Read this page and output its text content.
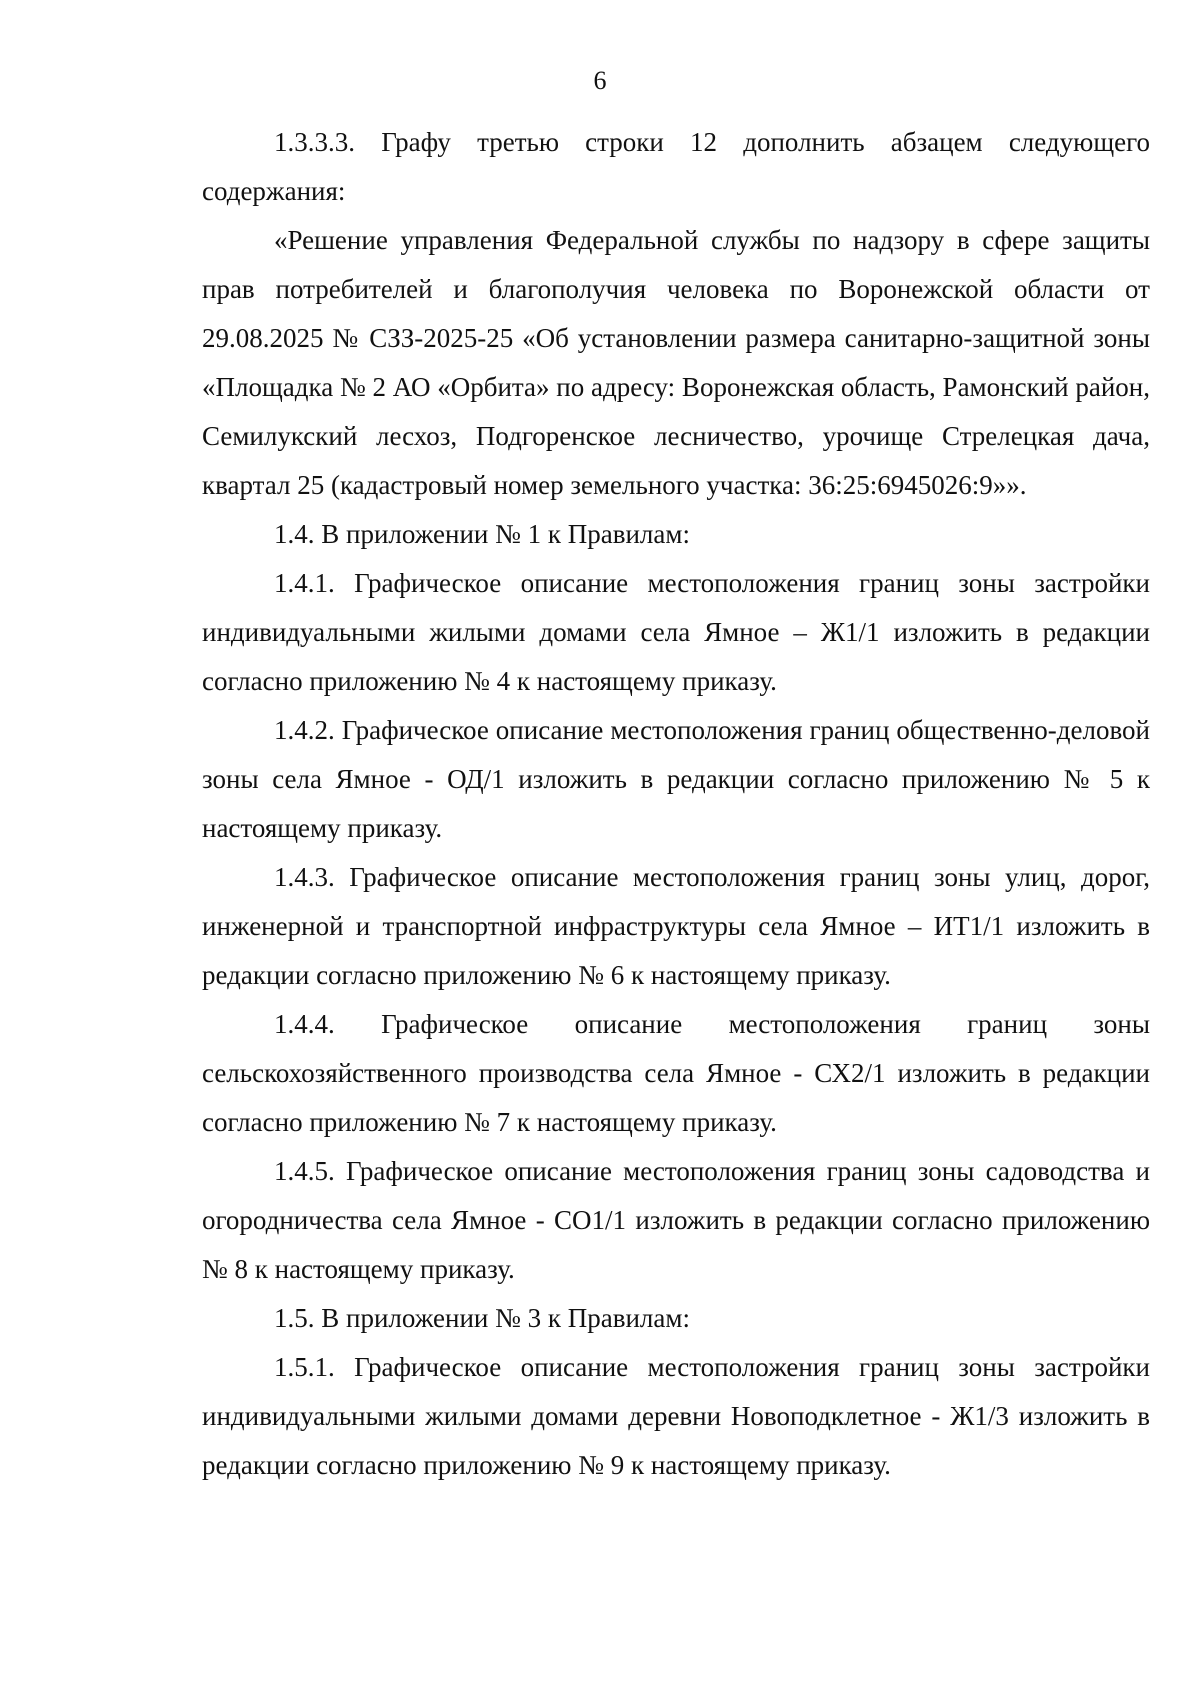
6

1.3.3.3. Графу третью строки 12 дополнить абзацем следующего содержания:

«Решение управления Федеральной службы по надзору в сфере защиты прав потребителей и благополучия человека по Воронежской области от 29.08.2025 № СЗЗ-2025-25 «Об установлении размера санитарно-защитной зоны «Площадка № 2 АО «Орбита» по адресу: Воронежская область, Рамонский район, Семилукский лесхоз, Подгоренское лесничество, урочище Стрелецкая дача, квартал 25 (кадастровый номер земельного участка: 36:25:6945026:9»».

1.4. В приложении № 1 к Правилам:

1.4.1. Графическое описание местоположения границ зоны застройки индивидуальными жилыми домами села Ямное – Ж1/1 изложить в редакции согласно приложению № 4 к настоящему приказу.

1.4.2. Графическое описание местоположения границ общественно-деловой зоны села Ямное - ОД/1 изложить в редакции согласно приложению № 5 к настоящему приказу.

1.4.3. Графическое описание местоположения границ зоны улиц, дорог, инженерной и транспортной инфраструктуры села Ямное – ИТ1/1 изложить в редакции согласно приложению № 6 к настоящему приказу.

1.4.4. Графическое описание местоположения границ зоны сельскохозяйственного производства села Ямное - СХ2/1 изложить в редакции согласно приложению № 7 к настоящему приказу.

1.4.5. Графическое описание местоположения границ зоны садоводства и огородничества села Ямное - СО1/1 изложить в редакции согласно приложению № 8 к настоящему приказу.

1.5. В приложении № 3 к Правилам:

1.5.1. Графическое описание местоположения границ зоны застройки индивидуальными жилыми домами деревни Новоподклетное - Ж1/3 изложить в редакции согласно приложению № 9 к настоящему приказу.
